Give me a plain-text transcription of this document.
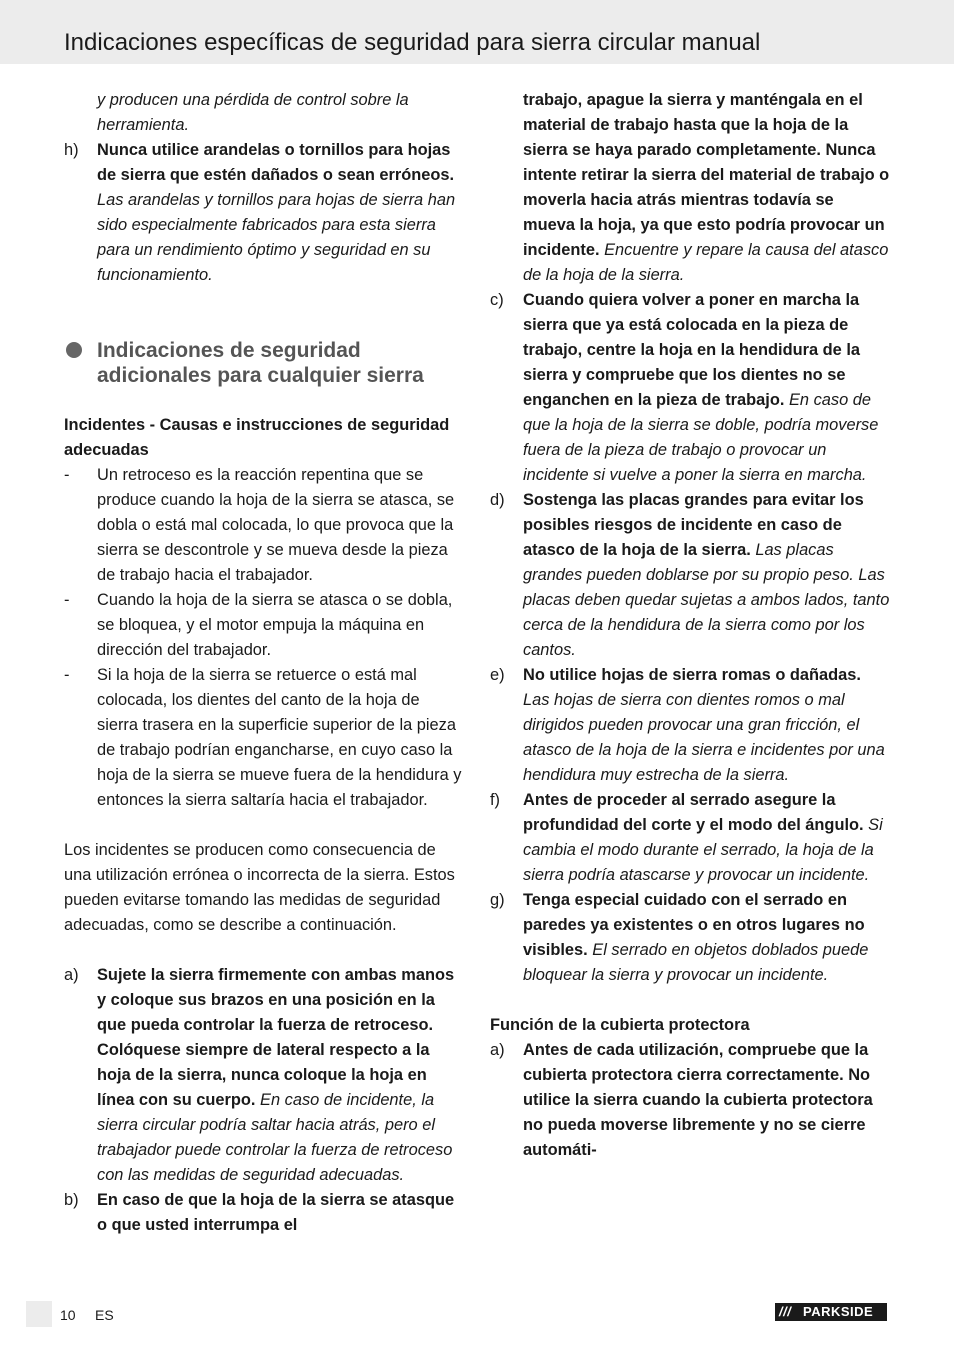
Indicaciones específicas de seguridad para sierra circular manual

y producen una pérdida de control sobre la herramienta.

h) Nunca utilice arandelas o tornillos para hojas de sierra que estén dañados o sean erróneos. Las arandelas y tornillos para hojas de sierra han sido especialmente fabricados para esta sierra para un rendimiento óptimo y seguridad en su funcionamiento.
Indicaciones de seguridad adicionales para cualquier sierra

Incidentes - Causas e instrucciones de seguridad adecuadas

- Un retroceso es la reacción repentina que se produce cuando la hoja de la sierra se atasca, se dobla o está mal colocada, lo que provoca que la sierra se descontrole y se mueva desde la pieza de trabajo hacia el trabajador.
- Cuando la hoja de la sierra se atasca o se dobla, se bloquea, y el motor empuja la máquina en dirección del trabajador.
- Si la hoja de la sierra se retuerce o está mal colocada, los dientes del canto de la hoja de sierra trasera en la superficie superior de la pieza de trabajo podrían engancharse, en cuyo caso la hoja de la sierra se mueve fuera de la hendidura y entonces la sierra saltaría hacia el trabajador.

Los incidentes se producen como consecuencia de una utilización errónea o incorrecta de la sierra. Estos pueden evitarse tomando las medidas de seguridad adecuadas, como se describe a continuación.

a) Sujete la sierra firmemente con ambas manos y coloque sus brazos en una posición en la que pueda controlar la fuerza de retroceso. Colóquese siempre de lateral respecto a la hoja de la sierra, nunca coloque la hoja en línea con su cuerpo. En caso de incidente, la sierra circular podría saltar hacia atrás, pero el trabajador puede controlar la fuerza de retroceso con las medidas de seguridad adecuadas.
b) En caso de que la hoja de la sierra se atasque o que usted interrumpa el

trabajo, apague la sierra y manténgala en el material de trabajo hasta que la hoja de la sierra se haya parado completamente. Nunca intente retirar la sierra del material de trabajo o moverla hacia atrás mientras todavía se mueva la hoja, ya que esto podría provocar un incidente. Encuentre y repare la causa del atasco de la hoja de la sierra.

c) Cuando quiera volver a poner en marcha la sierra que ya está colocada en la pieza de trabajo, centre la hoja en la hendidura de la sierra y compruebe que los dientes no se enganchen en la pieza de trabajo. En caso de que la hoja de la sierra se doble, podría moverse fuera de la pieza de trabajo o provocar un incidente si vuelve a poner la sierra en marcha.
d) Sostenga las placas grandes para evitar los posibles riesgos de incidente en caso de atasco de la hoja de la sierra. Las placas grandes pueden doblarse por su propio peso. Las placas deben quedar sujetas a ambos lados, tanto cerca de la hendidura de la sierra como por los cantos.
e) No utilice hojas de sierra romas o dañadas. Las hojas de sierra con dientes romos o mal dirigidos pueden provocar una gran fricción, el atasco de la hoja de la sierra e incidentes por una hendidura muy estrecha de la sierra.
f) Antes de proceder al serrado asegure la profundidad del corte y el modo del ángulo. Si cambia el modo durante el serrado, la hoja de la sierra podría atascarse y provocar un incidente.
g) Tenga especial cuidado con el serrado en paredes ya existentes o en otros lugares no visibles. El serrado en objetos doblados puede bloquear la sierra y provocar un incidente.

Función de la cubierta protectora

a) Antes de cada utilización, compruebe que la cubierta protectora cierra correctamente. No utilice la sierra cuando la cubierta protectora no pueda moverse libremente y no se cierre automáti-
10 ES	/// PARKSIDE
